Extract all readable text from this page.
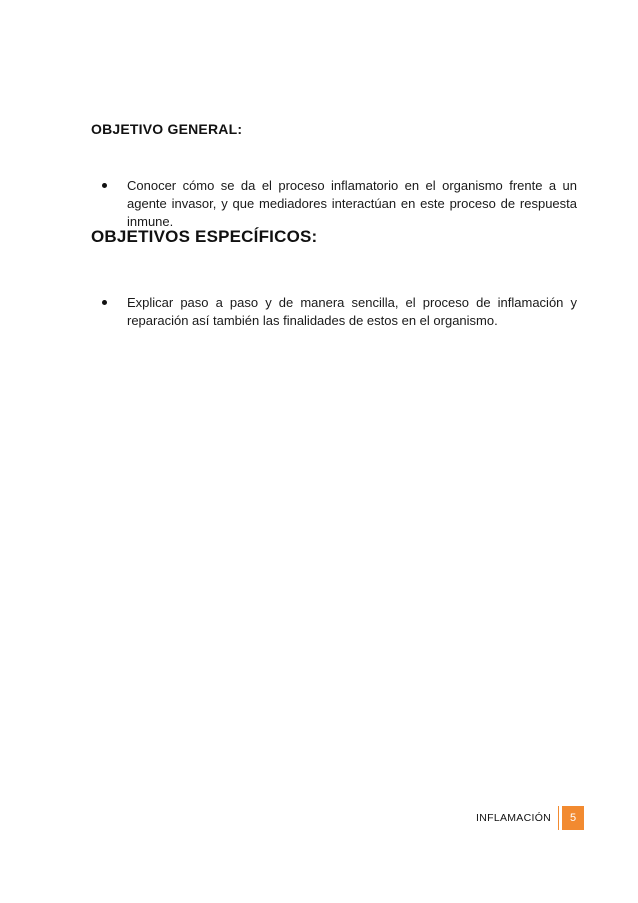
OBJETIVO GENERAL:
Conocer cómo se da el proceso inflamatorio en el organismo frente a un agente invasor, y que mediadores interactúan en este proceso de respuesta inmune.
OBJETIVOS ESPECÍFICOS:
Explicar paso a paso y de manera sencilla, el proceso de inflamación y reparación así también las finalidades de estos en el organismo.
INFLAMACIÓN	5
